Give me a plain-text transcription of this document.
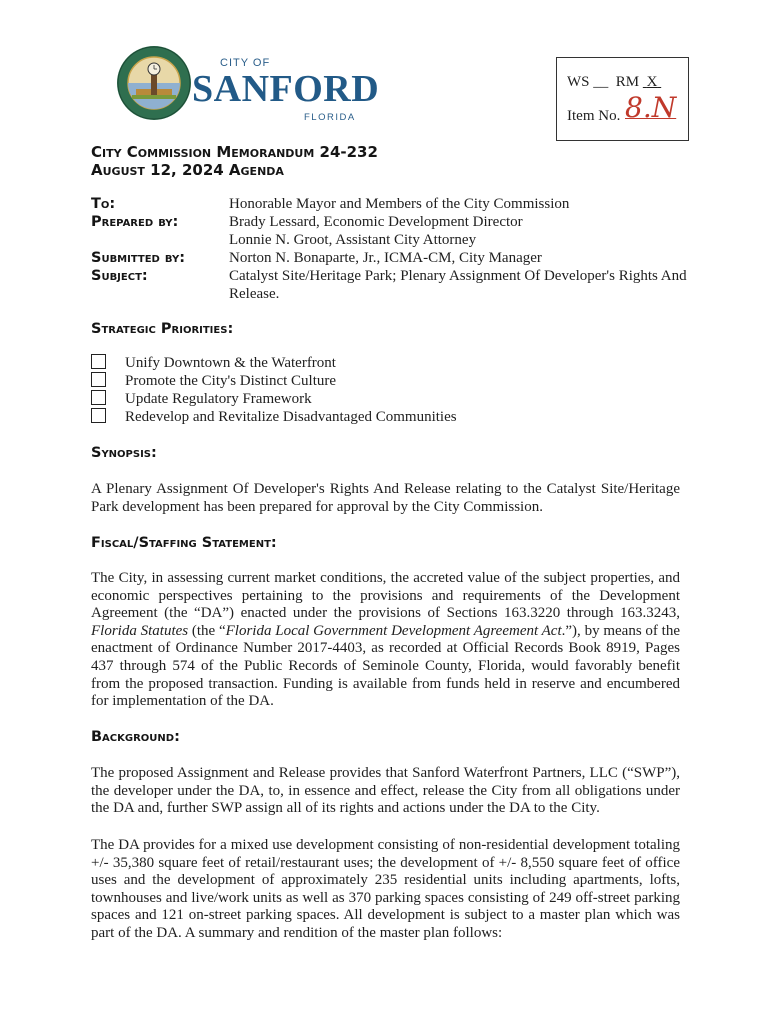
CITY OF
SANFORD
FLORIDA
WS __ RM X
Item No. 8.N
City Commission Memorandum 24-232
August 12, 2024 Agenda
To:	Honorable Mayor and Members of the City Commission
Prepared by:	Brady Lessard, Economic Development Director
Lonnie N. Groot, Assistant City Attorney
Submitted by:	Norton N. Bonaparte, Jr., ICMA-CM, City Manager
Subject:	Catalyst Site/Heritage Park; Plenary Assignment Of Developer's Rights And Release.
Strategic Priorities:
Unify Downtown & the Waterfront
Promote the City's Distinct Culture
Update Regulatory Framework
Redevelop and Revitalize Disadvantaged Communities
Synopsis:
A Plenary Assignment Of Developer's Rights And Release relating to the Catalyst Site/Heritage Park development has been prepared for approval by the City Commission.
Fiscal/Staffing Statement:
The City, in assessing current market conditions, the accreted value of the subject properties, and economic perspectives pertaining to the provisions and requirements of the Development Agreement (the “DA”) enacted under the provisions of Sections 163.3220 through 163.3243, Florida Statutes (the “Florida Local Government Development Agreement Act.”), by means of the enactment of Ordinance Number 2017-4403, as recorded at Official Records Book 8919, Pages 437 through 574 of the Public Records of Seminole County, Florida, would favorably benefit from the proposed transaction. Funding is available from funds held in reserve and encumbered for implementation of the DA.
Background:
The proposed Assignment and Release provides that Sanford Waterfront Partners, LLC (“SWP”), the developer under the DA, to, in essence and effect, release the City from all obligations under the DA and, further SWP assign all of its rights and actions under the DA to the City.
The DA provides for a mixed use development consisting of non-residential development totaling +/- 35,380 square feet of retail/restaurant uses; the development of +/- 8,550 square feet of office uses and the development of approximately 235 residential units including apartments, lofts, townhouses and live/work units as well as 370 parking spaces consisting of 249 off-street parking spaces and 121 on-street parking spaces. All development is subject to a master plan which was part of the DA. A summary and rendition of the master plan follows:
